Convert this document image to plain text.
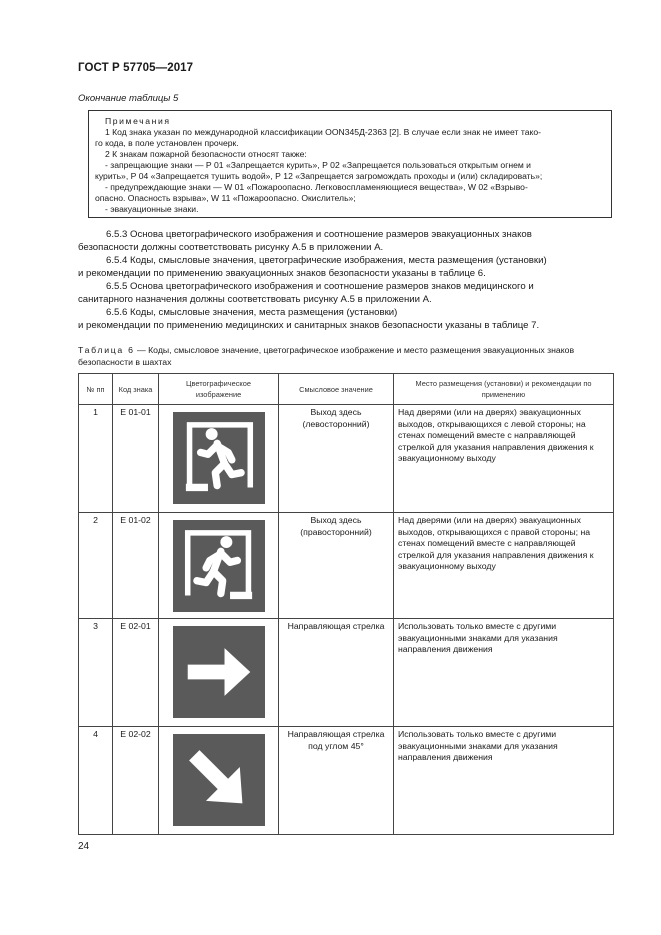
ГОСТ Р 57705—2017
Окончание таблицы 5
Примечания
1 Код знака указан по международной классификации ООN345Д-2363 [2]. В случае если знак не имеет тако-
го кода, в поле установлен прочерк.
2 К знакам пожарной безопасности относят также:
- запрещающие знаки — Р 01 «Запрещается курить», Р 02 «Запрещается пользоваться открытым огнем и
курить», Р 04 «Запрещается тушить водой», Р 12 «Запрещается загромождать проходы и (или) складировать»;
- предупреждающие знаки — W 01 «Пожароопасно. Легковоспламеняющиеся вещества», W 02 «Взрыво-
опасно. Опасность взрыва», W 11 «Пожароопасно. Окислитель»;
- эвакуационные знаки.
6.5.3 Основа цветографического изображения и соотношение размеров эвакуационных знаков
безопасности должны соответствовать рисунку А.5 в приложении А.
6.5.4 Коды, смысловые значения, цветографические изображения, места размещения (установки)
и рекомендации по применению эвакуационных знаков безопасности указаны в таблице 6.
6.5.5 Основа цветографического изображения и соотношение размеров знаков медицинского и
санитарного назначения должны соответствовать рисунку А.5 в приложении А.
6.5.6 Коды, смысловые значения, места размещения (установки)
и рекомендации по применению медицинских и санитарных знаков безопасности указаны в таблице 7.
Таблица 6 — Коды, смысловое значение, цветографическое изображение и место размещения эвакуационных знаков безопасности в шахтах
№ пп	Код знака	Цветографическое изображение	Смысловое значение	Место размещения (установки) и рекомендации по применению
1	Е 01-01		Выход здесь (левосторонний)	Над дверями (или на дверях) эвакуационных выходов, открывающихся с левой стороны; на стенах помещений вместе с направляющей стрелкой для указания направления движения к эвакуационному выходу
2	Е 01-02		Выход здесь (правосторонний)	Над дверями (или на дверях) эвакуационных выходов, открывающихся с правой стороны; на стенах помещений вместе с направляющей стрелкой для указания направления движения к эвакуационному выходу
3	Е 02-01		Направляющая стрелка	Использовать только вместе с другими эвакуационными знаками для указания направления движения
4	Е 02-02		Направляющая стрелка под углом 45°	Использовать только вместе с другими эвакуационными знаками для указания направления движения
24
